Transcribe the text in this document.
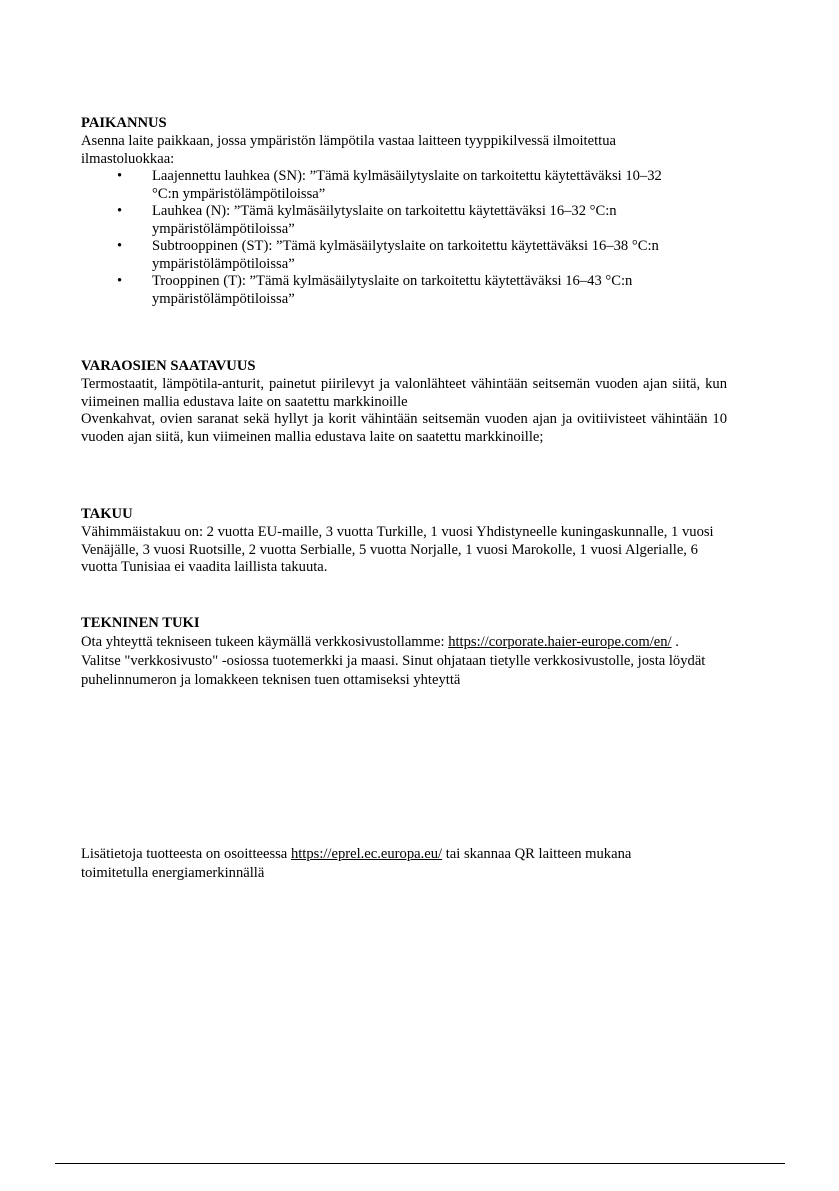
PAIKANNUS
Asenna laite paikkaan, jossa ympäristön lämpötila vastaa laitteen tyyppikilvessä ilmoitettua ilmastoluokkaa:
• Laajennettu lauhkea (SN): ”Tämä kylmäsäilytyslaite on tarkoitettu käytettäväksi 10–32 °C:n ympäristölämpötiloissa”
• Lauhkea (N): ”Tämä kylmäsäilytyslaite on tarkoitettu käytettäväksi 16–32 °C:n ympäristölämpötiloissa”
• Subtrooppinen (ST): ”Tämä kylmäsäilytyslaite on tarkoitettu käytettäväksi 16–38 °C:n ympäristölämpötiloissa”
• Trooppinen (T): ”Tämä kylmäsäilytyslaite on tarkoitettu käytettäväksi 16–43 °C:n ympäristölämpötiloissa”
VARAOSIEN SAATAVUUS
Termostaatit, lämpötila-anturit, painetut piirilevyt ja valonlähteet vähintään seitsemän vuoden ajan siitä, kun viimeinen mallia edustava laite on saatettu markkinoille
Ovenkahvat, ovien saranat sekä hyllyt ja korit vähintään seitsemän vuoden ajan ja ovitiivisteet vähintään 10 vuoden ajan siitä, kun viimeinen mallia edustava laite on saatettu markkinoille;
TAKUU
Vähimmäistakuu on: 2 vuotta EU-maille, 3 vuotta Turkille, 1 vuosi Yhdistyneelle kuningaskunnalle, 1 vuosi Venäjälle, 3 vuosi Ruotsille, 2 vuotta Serbialle, 5 vuotta Norjalle, 1 vuosi Marokolle, 1 vuosi Algerialle, 6 vuotta Tunisiaa ei vaadita laillista takuuta.
TEKNINEN TUKI
Ota yhteyttä tekniseen tukeen käymällä verkkosivustollamme: https://corporate.haier-europe.com/en/ . Valitse "verkkosivusto" -osiossa tuotemerkki ja maasi. Sinut ohjataan tietylle verkkosivustolle, josta löydät puhelinnumeron ja lomakkeen teknisen tuen ottamiseksi yhteyttä
Lisätietoja tuotteesta on osoitteessa https://eprel.ec.europa.eu/ tai skannaa QR laitteen mukana toimitetulla energiamerkinnällä
